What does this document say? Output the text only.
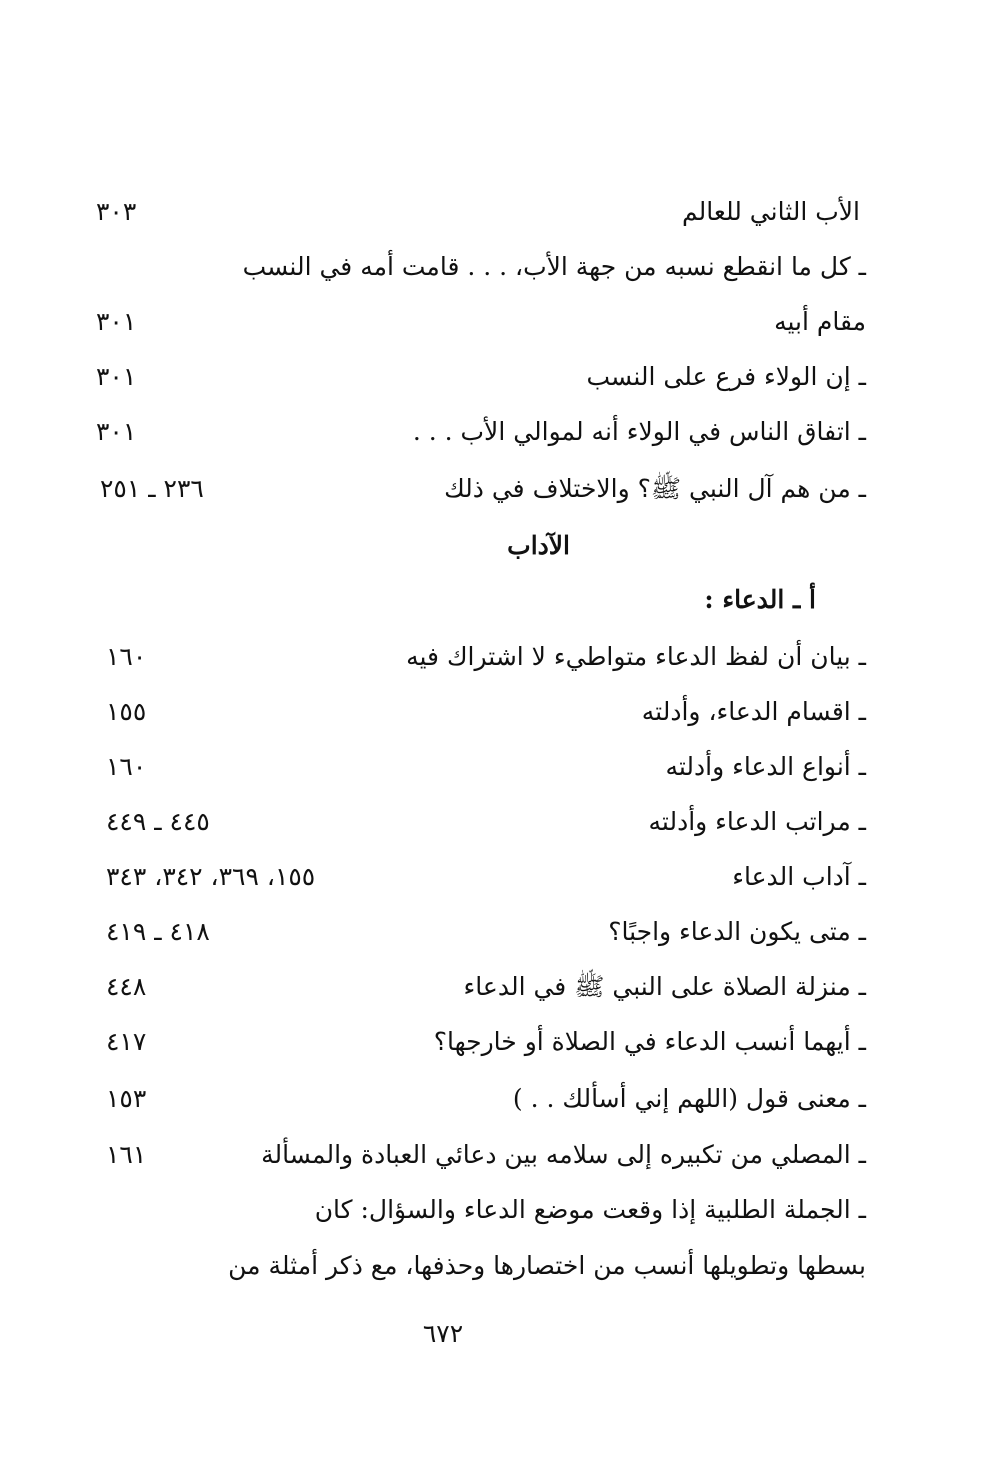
الأب الثاني للعالم
٣٠٣
ـ كل ما انقطع نسبه من جهة الأب، . . . قامت أمه في النسب
مقام أبيه
٣٠١
ـ إن الولاء فرع على النسب
٣٠١
ـ اتفاق الناس في الولاء أنه لموالي الأب . . .
٣٠١
ـ من هم آل النبي ﷺ؟ والاختلاف في ذلك
٢٣٦ ـ ٢٥١
الآداب
أ ـ الدعاء :
ـ بيان أن لفظ الدعاء متواطيء لا اشتراك فيه
١٦٠
ـ اقسام الدعاء، وأدلته
١٥٥
ـ أنواع الدعاء وأدلته
١٦٠
ـ مراتب الدعاء وأدلته
٤٤٥ ـ ٤٤٩
ـ آداب الدعاء
١٥٥، ٣٦٩، ٣٤٢، ٣٤٣
ـ متى يكون الدعاء واجبًا؟
٤١٨ ـ ٤١٩
ـ منزلة الصلاة على النبي ﷺ في الدعاء
٤٤٨
ـ أيهما أنسب الدعاء في الصلاة أو خارجها؟
٤١٧
ـ معنى قول (اللهم إني أسألك . . )
١٥٣
ـ المصلي من تكبيره إلى سلامه بين دعائي العبادة والمسألة
١٦١
ـ الجملة الطلبية إذا وقعت موضع الدعاء والسؤال: كان
بسطها وتطويلها أنسب من اختصارها وحذفها، مع ذكر أمثلة من
٦٧٢
